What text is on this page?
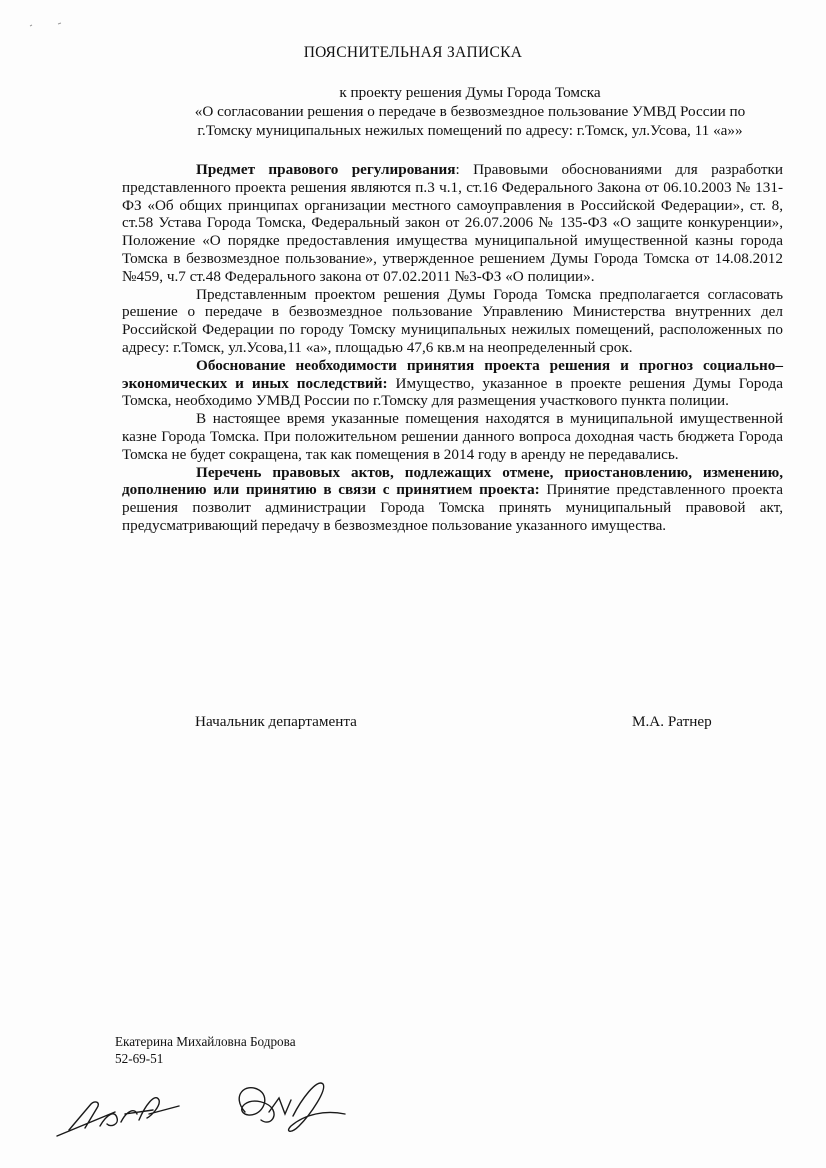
ПОЯСНИТЕЛЬНАЯ ЗАПИСКА
к проекту решения Думы Города Томска
«О согласовании решения о передаче в безвозмездное пользование УМВД России по
г.Томску муниципальных нежилых помещений по адресу: г.Томск, ул.Усова, 11 «а»»

Предмет правового регулирования: Правовыми обоснованиями для разработки представленного проекта решения являются п.3 ч.1, ст.16 Федерального Закона от 06.10.2003 № 131-ФЗ «Об общих принципах организации местного самоуправления в Российской Федерации», ст. 8, ст.58 Устава Города Томска, Федеральный закон от 26.07.2006 № 135-ФЗ «О защите конкуренции», Положение «О порядке предоставления имущества муниципальной имущественной казны города Томска в безвозмездное пользование», утвержденное решением Думы Города Томска от 14.08.2012 №459, ч.7 ст.48 Федерального закона от 07.02.2011 №3-ФЗ «О полиции».

Представленным проектом решения Думы Города Томска предполагается согласовать решение о передаче в безвозмездное пользование Управлению Министерства внутренних дел Российской Федерации по городу Томску муниципальных нежилых помещений, расположенных по адресу: г.Томск, ул.Усова,11 «а», площадью 47,6 кв.м на неопределенный срок.

Обоснование необходимости принятия проекта решения и прогноз социально–экономических и иных последствий: Имущество, указанное в проекте решения Думы Города Томска, необходимо УМВД России по г.Томску для размещения участкового пункта полиции.

В настоящее время указанные помещения находятся в муниципальной имущественной казне Города Томска. При положительном решении данного вопроса доходная часть бюджета Города Томска не будет сокращена, так как помещения в 2014 году в аренду не передавались.

Перечень правовых актов, подлежащих отмене, приостановлению, изменению, дополнению или принятию в связи с принятием проекта: Принятие представленного проекта решения позволит администрации Города Томска принять муниципальный правовой акт, предусматривающий передачу в безвозмездное пользование указанного имущества.

Начальник департамента	М.А. Ратнер
Екатерина Михайловна Бодрова
52-69-51
